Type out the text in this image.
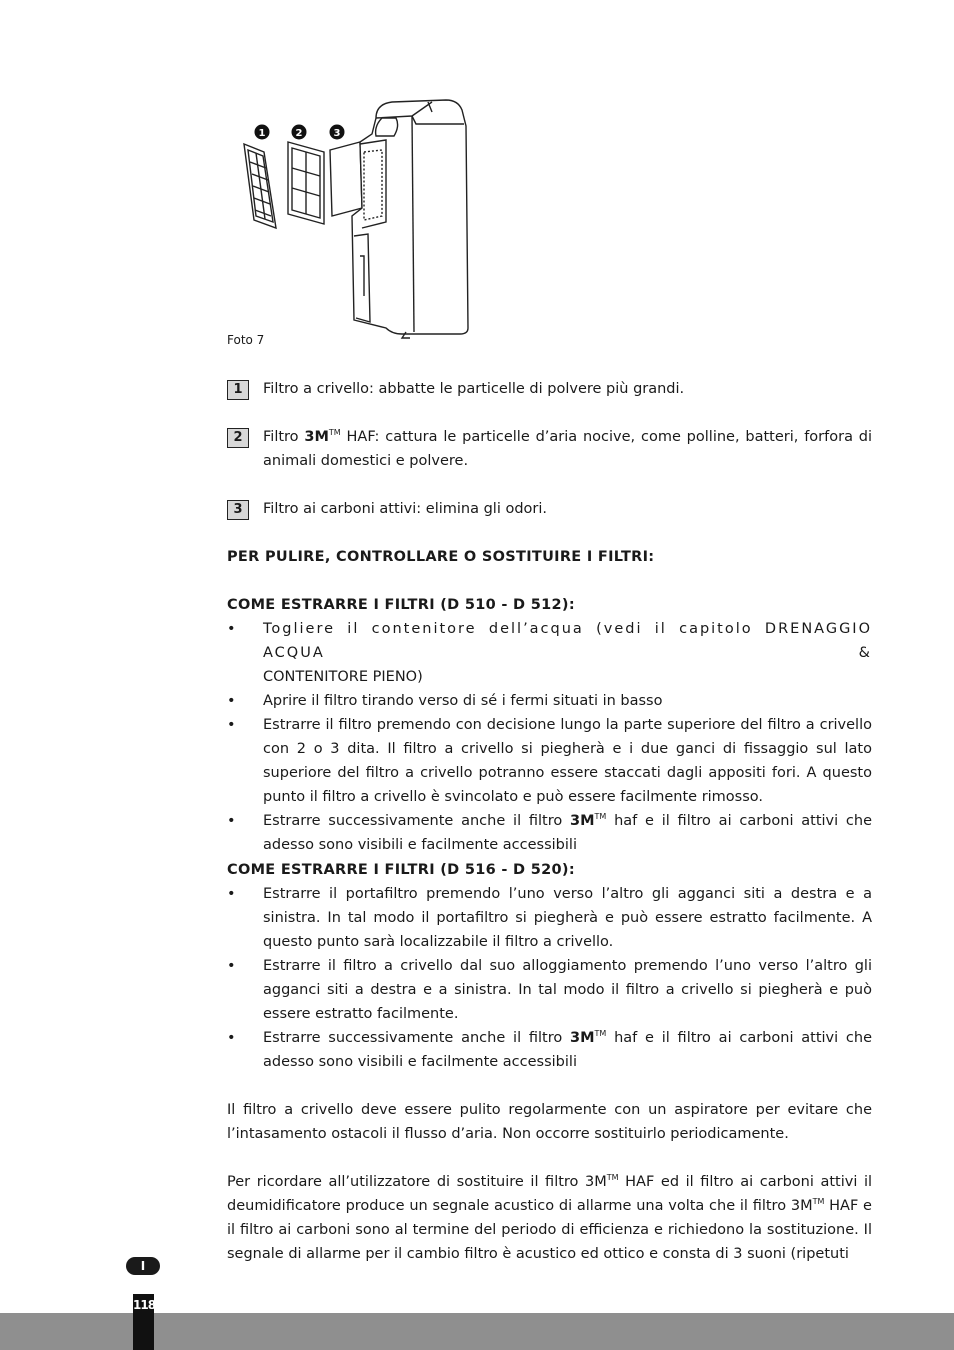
1	2	3
Foto 7
1	Filtro a crivello: abbatte le particelle di polvere più grandi.
2	Filtro 3M™ HAF: cattura le particelle d’aria nocive, come polline, batteri, forfora di animali domestici e polvere.
3	Filtro ai carboni attivi: elimina gli odori.
PER PULIRE, CONTROLLARE O SOSTITUIRE I FILTRI:
COME ESTRARRE I FILTRI (D 510 - D 512):
• Togliere il contenitore dell’acqua (vedi il capitolo DRENAGGIO ACQUA &
CONTENITORE PIENO)
• Aprire il filtro tirando verso di sé i fermi situati in basso
• Estrarre il filtro premendo con decisione lungo la parte superiore del filtro a crivello con 2 o 3 dita. Il filtro a crivello si piegherà e i due ganci di fissaggio sul lato superiore del filtro a crivello potranno essere staccati dagli appositi fori. A questo punto il filtro a crivello è svincolato e può essere facilmente rimosso.
• Estrarre successivamente anche il filtro 3M™ haf e il filtro ai carboni attivi che adesso sono visibili e facilmente accessibili
COME ESTRARRE I FILTRI (D 516 - D 520):
• Estrarre il portafiltro premendo l’uno verso l’altro gli agganci siti a destra e a sinistra. In tal modo il portafiltro si piegherà e può essere estratto facilmente. A questo punto sarà localizzabile il filtro a crivello.
• Estrarre il filtro a crivello dal suo alloggiamento premendo l’uno verso l’altro gli agganci siti a destra e a sinistra. In tal modo il filtro a crivello si piegherà e può essere estratto facilmente.
• Estrarre successivamente anche il filtro 3M™ haf e il filtro ai carboni attivi che adesso sono visibili e facilmente accessibili
Il filtro a crivello deve essere pulito regolarmente con un aspiratore per evitare che l’intasamento ostacoli il flusso d’aria. Non occorre sostituirlo periodicamente.
Per ricordare all’utilizzatore di sostituire il filtro 3M™ HAF ed il filtro ai carboni attivi il deumidificatore produce un segnale acustico di allarme una volta che il filtro 3M™ HAF e il filtro ai carboni sono al termine del periodo di efficienza e richiedono la sostituzione. Il segnale di allarme per il cambio filtro è acustico ed ottico e consta di 3 suoni (ripetuti
I
118
